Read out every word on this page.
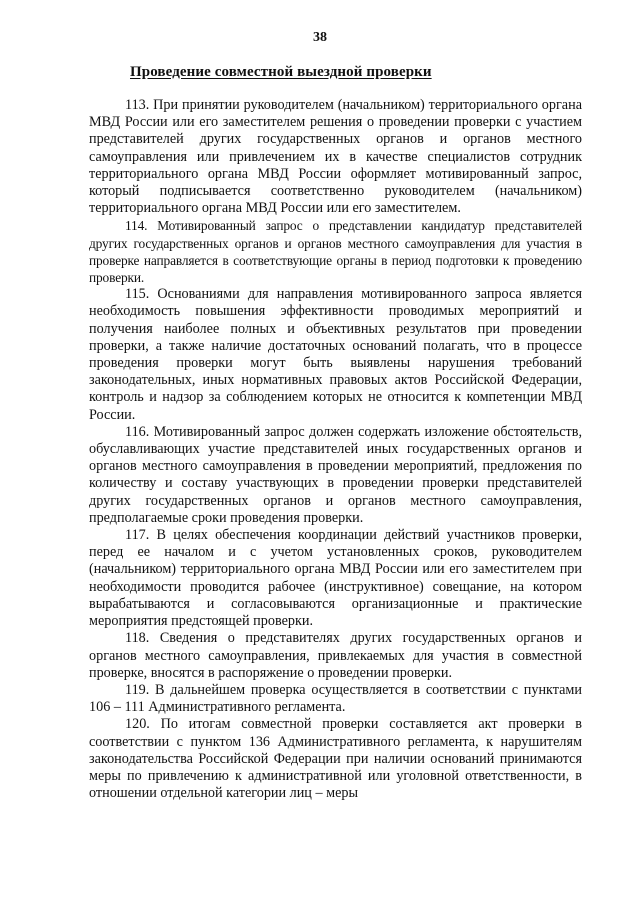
38
Проведение совместной выездной проверки

113. При принятии руководителем (начальником) территориального органа МВД России или его заместителем решения о проведении проверки с участием представителей других государственных органов и органов местного самоуправления или привлечением их в качестве специалистов сотрудник территориального органа МВД России оформляет мотивированный запрос, который подписывается соответственно руководителем (начальником) территориального органа МВД России или его заместителем.

114. Мотивированный запрос о представлении кандидатур представителей других государственных органов и органов местного самоуправления для участия в проверке направляется в соответствующие органы в период подготовки к проведению проверки.

115. Основаниями для направления мотивированного запроса является необходимость повышения эффективности проводимых мероприятий и получения наиболее полных и объективных результатов при проведении проверки, а также наличие достаточных оснований полагать, что в процессе проведения проверки могут быть выявлены нарушения требований законодательных, иных нормативных правовых актов Российской Федерации, контроль и надзор за соблюдением которых не относится к компетенции МВД России.

116. Мотивированный запрос должен содержать изложение обстоятельств, обуславливающих участие представителей иных государственных органов и органов местного самоуправления в проведении мероприятий, предложения по количеству и составу участвующих в проведении проверки представителей других государственных органов и органов местного самоуправления, предполагаемые сроки проведения проверки.

117. В целях обеспечения координации действий участников проверки, перед ее началом и с учетом установленных сроков, руководителем (начальником) территориального органа МВД России или его заместителем при необходимости проводится рабочее (инструктивное) совещание, на котором вырабатываются и согласовываются организационные и практические мероприятия предстоящей проверки.

118. Сведения о представителях других государственных органов и органов местного самоуправления, привлекаемых для участия в совместной проверке, вносятся в распоряжение о проведении проверки.

119. В дальнейшем проверка осуществляется в соответствии с пунктами 106 – 111 Административного регламента.

120. По итогам совместной проверки составляется акт проверки в соответствии с пунктом 136 Административного регламента, к нарушителям законодательства Российской Федерации при наличии оснований принимаются меры по привлечению к административной или уголовной ответственности, в отношении отдельной категории лиц – меры
